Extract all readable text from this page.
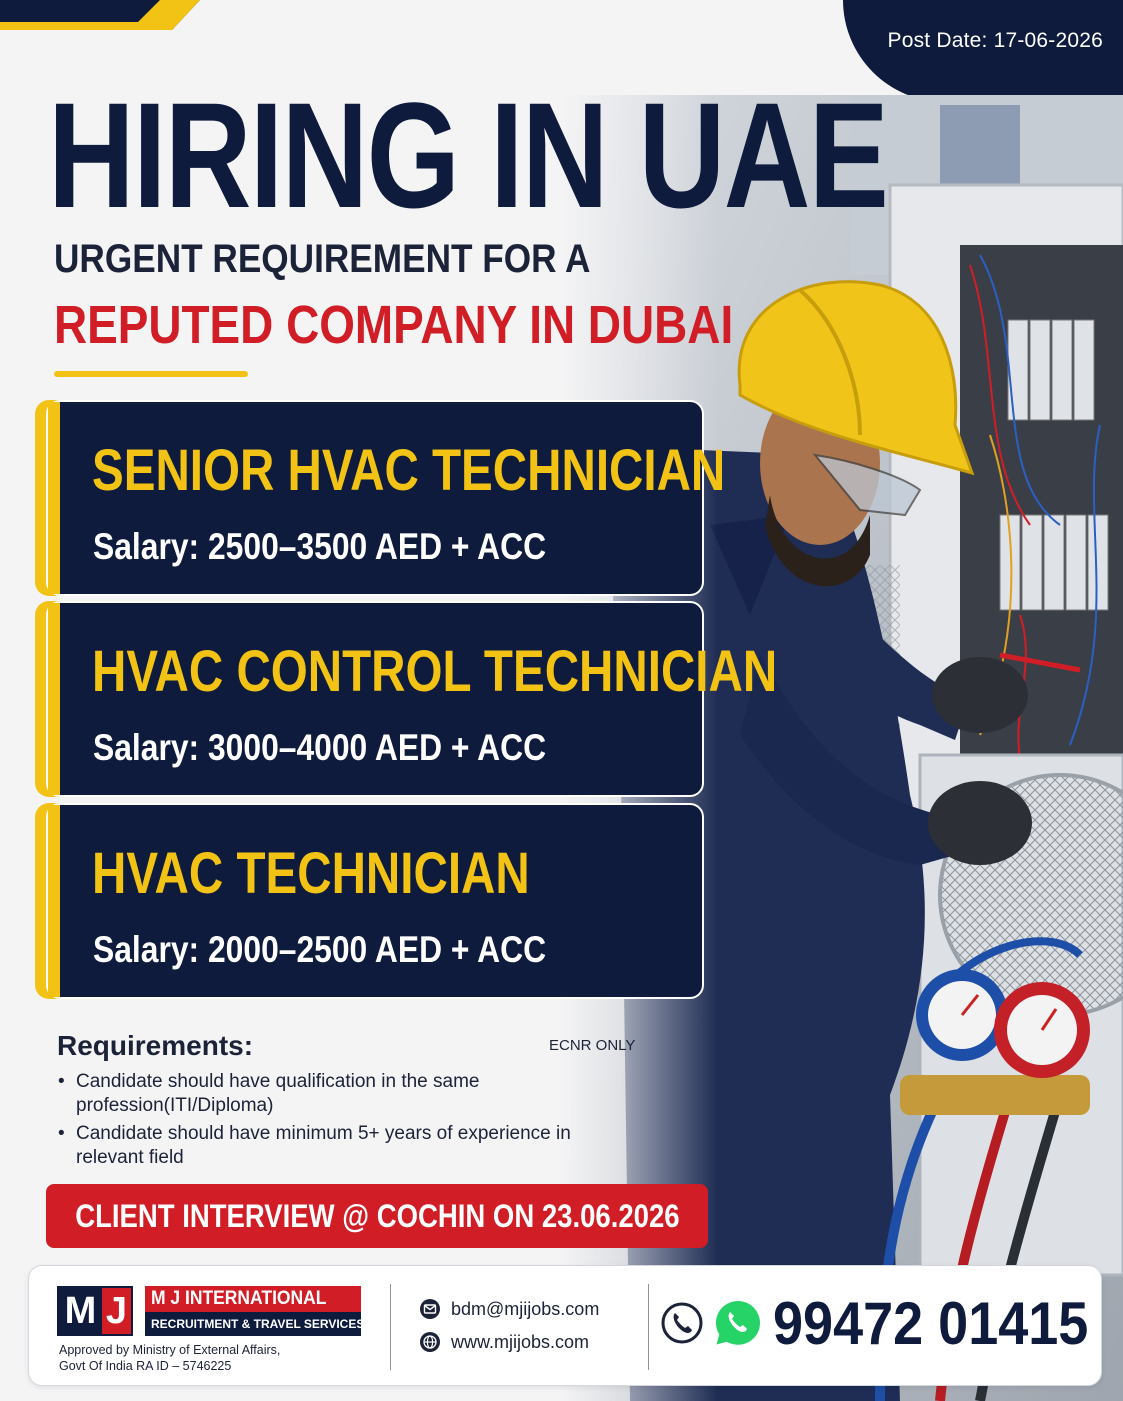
Post Date: 17-06-2026
HIRING IN UAE
URGENT REQUIREMENT FOR A
REPUTED COMPANY IN DUBAI
SENIOR HVAC TECHNICIAN
Salary: 2500–3500 AED + ACC
HVAC CONTROL TECHNICIAN
Salary: 3000–4000 AED + ACC
HVAC TECHNICIAN
Salary: 2000–2500 AED + ACC
Requirements:	ECNR ONLY
• Candidate should have qualification in the same profession(ITI/Diploma)
• Candidate should have minimum 5+ years of experience in relevant field
CLIENT INTERVIEW @ COCHIN ON 23.06.2026
M J	M J INTERNATIONAL
RECRUITMENT & TRAVEL SERVICES
Approved by Ministry of External Affairs,
Govt Of India RA ID – 5746225
bdm@mjijobs.com
www.mjijobs.com	99472 01415
